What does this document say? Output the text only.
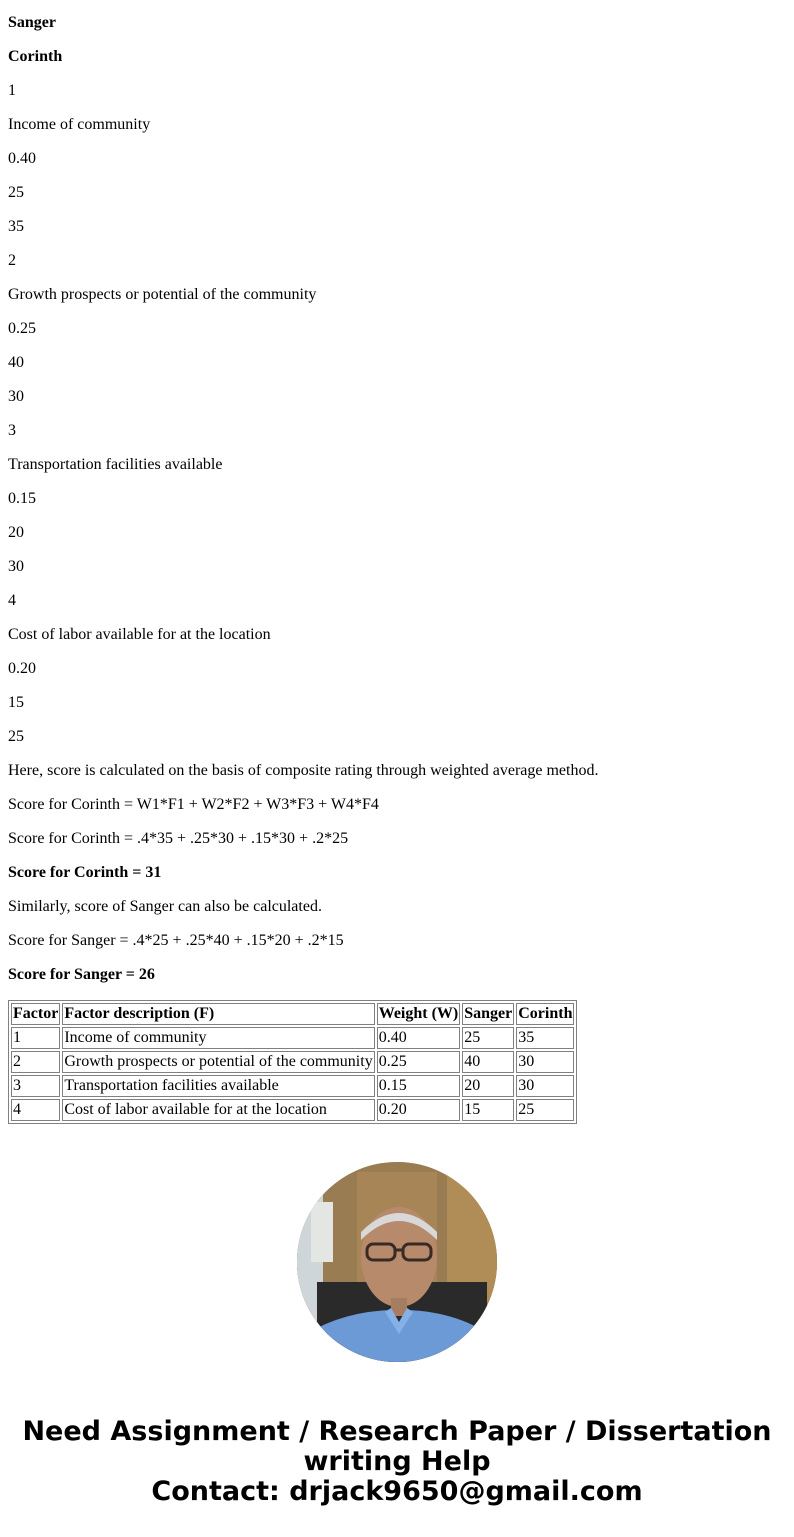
Sanger

Corinth

1

Income of community

0.40

25

35

2

Growth prospects or potential of the community

0.25

40

30

3

Transportation facilities available

0.15

20

30

4

Cost of labor available for at the location

0.20

15

25

Here, score is calculated on the basis of composite rating through weighted average method.

Score for Corinth = W1*F1 + W2*F2 + W3*F3 + W4*F4

Score for Corinth = .4*35 + .25*30 + .15*30 + .2*25

Score for Corinth = 31

Similarly, score of Sanger can also be calculated.

Score for Sanger = .4*25 + .25*40 + .15*20 + .2*15

Score for Sanger = 26

Factor	Factor description (F)	Weight (W)	Sanger	Corinth
1	Income of community	0.40	25	35
2	Growth prospects or potential of the community	0.25	40	30
3	Transportation facilities available	0.15	20	30
4	Cost of labor available for at the location	0.20	15	25
Need Assignment / Research Paper / Dissertation
writing Help
Contact: drjack9650@gmail.com
